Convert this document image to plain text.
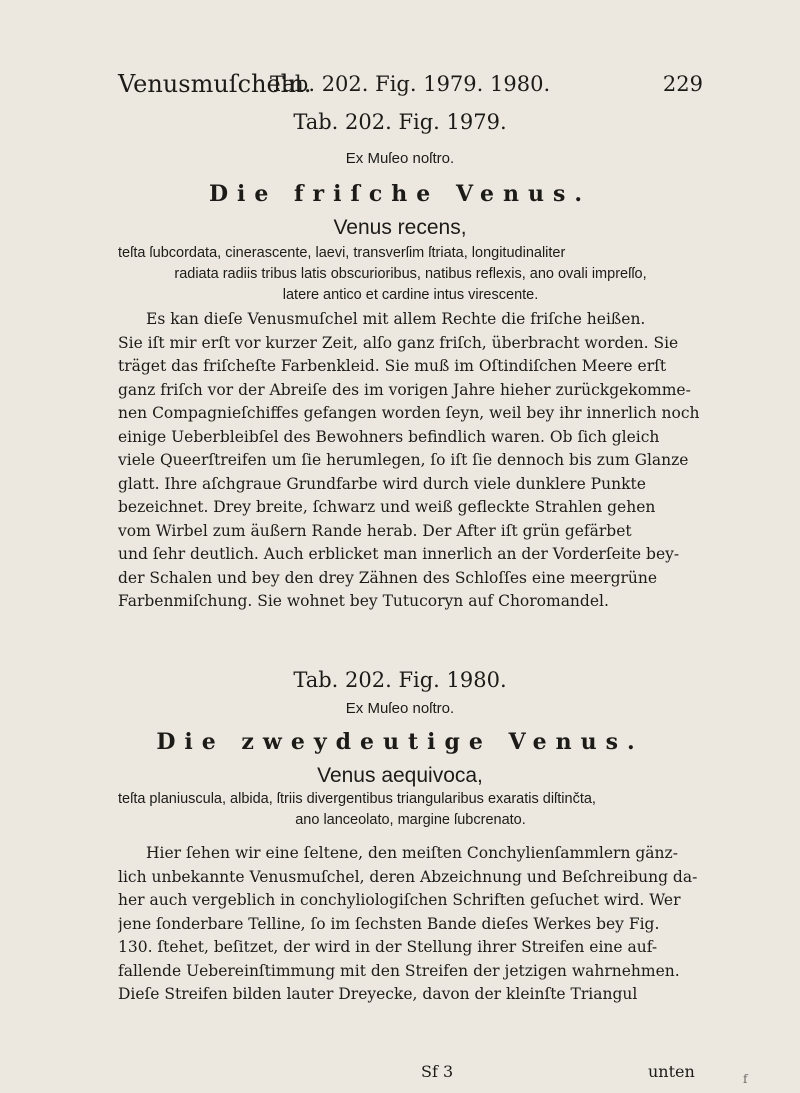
Venusmuſcheln.
Tab. 202. Fig. 1979. 1980.	229
Tab. 202. Fig. 1979.
Ex Muſeo noſtro.
Die friſche Venus.
Venus recens,
teſta ſubcordata, cinerascente, laevi, transverſim ſtriata, longitudinaliter
radiata radiis tribus latis obscurioribus, natibus reflexis, ano ovali impreſſo,
latere antico et cardine intus virescente.
Es kan dieſe Venusmuſchel mit allem Rechte die friſche heißen.
Sie iſt mir erſt vor kurzer Zeit, alſo ganz friſch, überbracht worden. Sie
träget das friſcheſte Farbenkleid. Sie muß im Oſtindiſchen Meere erſt
ganz friſch vor der Abreiſe des im vorigen Jahre hieher zurückgekomme-
nen Compagnieſchiffes gefangen worden ſeyn, weil bey ihr innerlich noch
einige Ueberbleibſel des Bewohners befindlich waren. Ob ſich gleich
viele Queerſtreifen um ſie herumlegen, ſo iſt ſie dennoch bis zum Glanze
glatt. Ihre aſchgraue Grundfarbe wird durch viele dunklere Punkte
bezeichnet. Drey breite, ſchwarz und weiß gefleckte Strahlen gehen
vom Wirbel zum äußern Rande herab. Der After iſt grün gefärbet
und ſehr deutlich. Auch erblicket man innerlich an der Vorderſeite bey-
der Schalen und bey den drey Zähnen des Schloſſes eine meergrüne
Farbenmiſchung. Sie wohnet bey Tutucoryn auf Choromandel.
Tab. 202. Fig. 1980.
Ex Muſeo noſtro.
Die zweydeutige Venus.
Venus aequivoca,
teſta planiuscula, albida, ſtriis divergentibus triangularibus exaratis diſtinčta,
ano lanceolato, margine ſubcrenato.
Hier ſehen wir eine ſeltene, den meiſten Conchylienſammlern gänz-
lich unbekannte Venusmuſchel, deren Abzeichnung und Beſchreibung da-
her auch vergeblich in conchyliologiſchen Schriften geſuchet wird. Wer
jene ſonderbare Telline, ſo im ſechsten Bande dieſes Werkes bey Fig.
130. ſtehet, beſitzet, der wird in der Stellung ihrer Streifen eine auf-
fallende Uebereinſtimmung mit den Streifen der jetzigen wahrnehmen.
Dieſe Streifen bilden lauter Dreyecke, davon der kleinſte Triangul
Sf 3	unten	f
